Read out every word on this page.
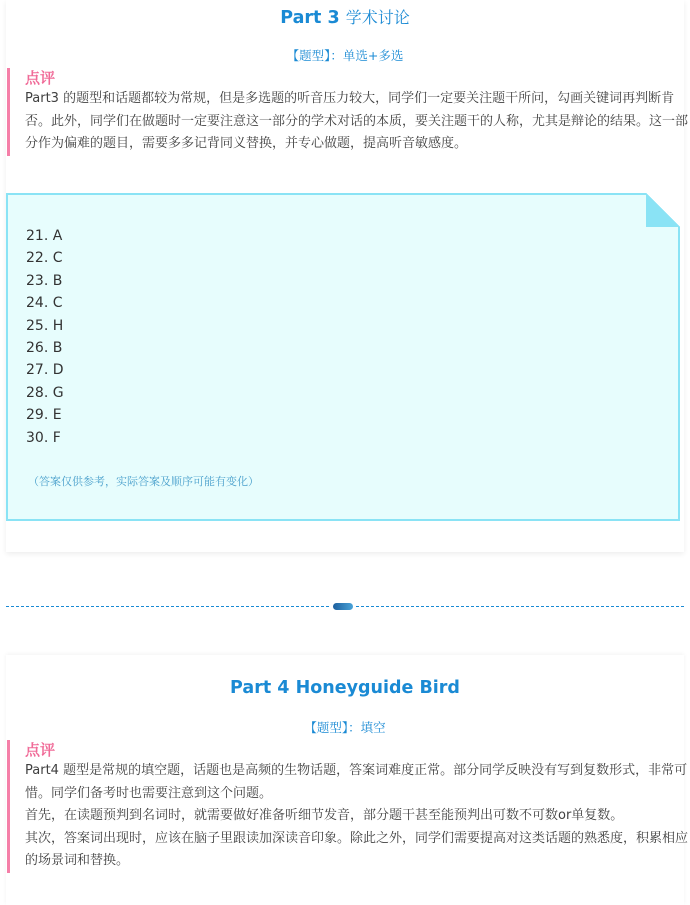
Part 3 学术讨论
【题型】：单选+多选
点评

Part3 的题型和话题都较为常规，但是多选题的听音压力较大，同学们一定要关注题干所问，勾画关键词再判断肯否。此外，同学们在做题时一定要注意这一部分的学术对话的本质，要关注题干的人称，尤其是辩论的结果。这一部分作为偏难的题目，需要多多记背同义替换，并专心做题，提高听音敏感度。

21. A
22. C
23. B
24. C
25. H
26. B
27. D
28. G
29. E
30. F
（答案仅供参考，实际答案及顺序可能有变化）
Part 4 Honeyguide Bird
【题型】：填空
点评

Part4 题型是常规的填空题，话题也是高频的生物话题，答案词难度正常。部分同学反映没有写到复数形式，非常可惜。同学们备考时也需要注意到这个问题。

首先，在读题预判到名词时，就需要做好准备听细节发音，部分题干甚至能预判出可数不可数or单复数。

其次，答案词出现时，应该在脑子里跟读加深读音印象。除此之外，同学们需要提高对这类话题的熟悉度，积累相应的场景词和替换。
